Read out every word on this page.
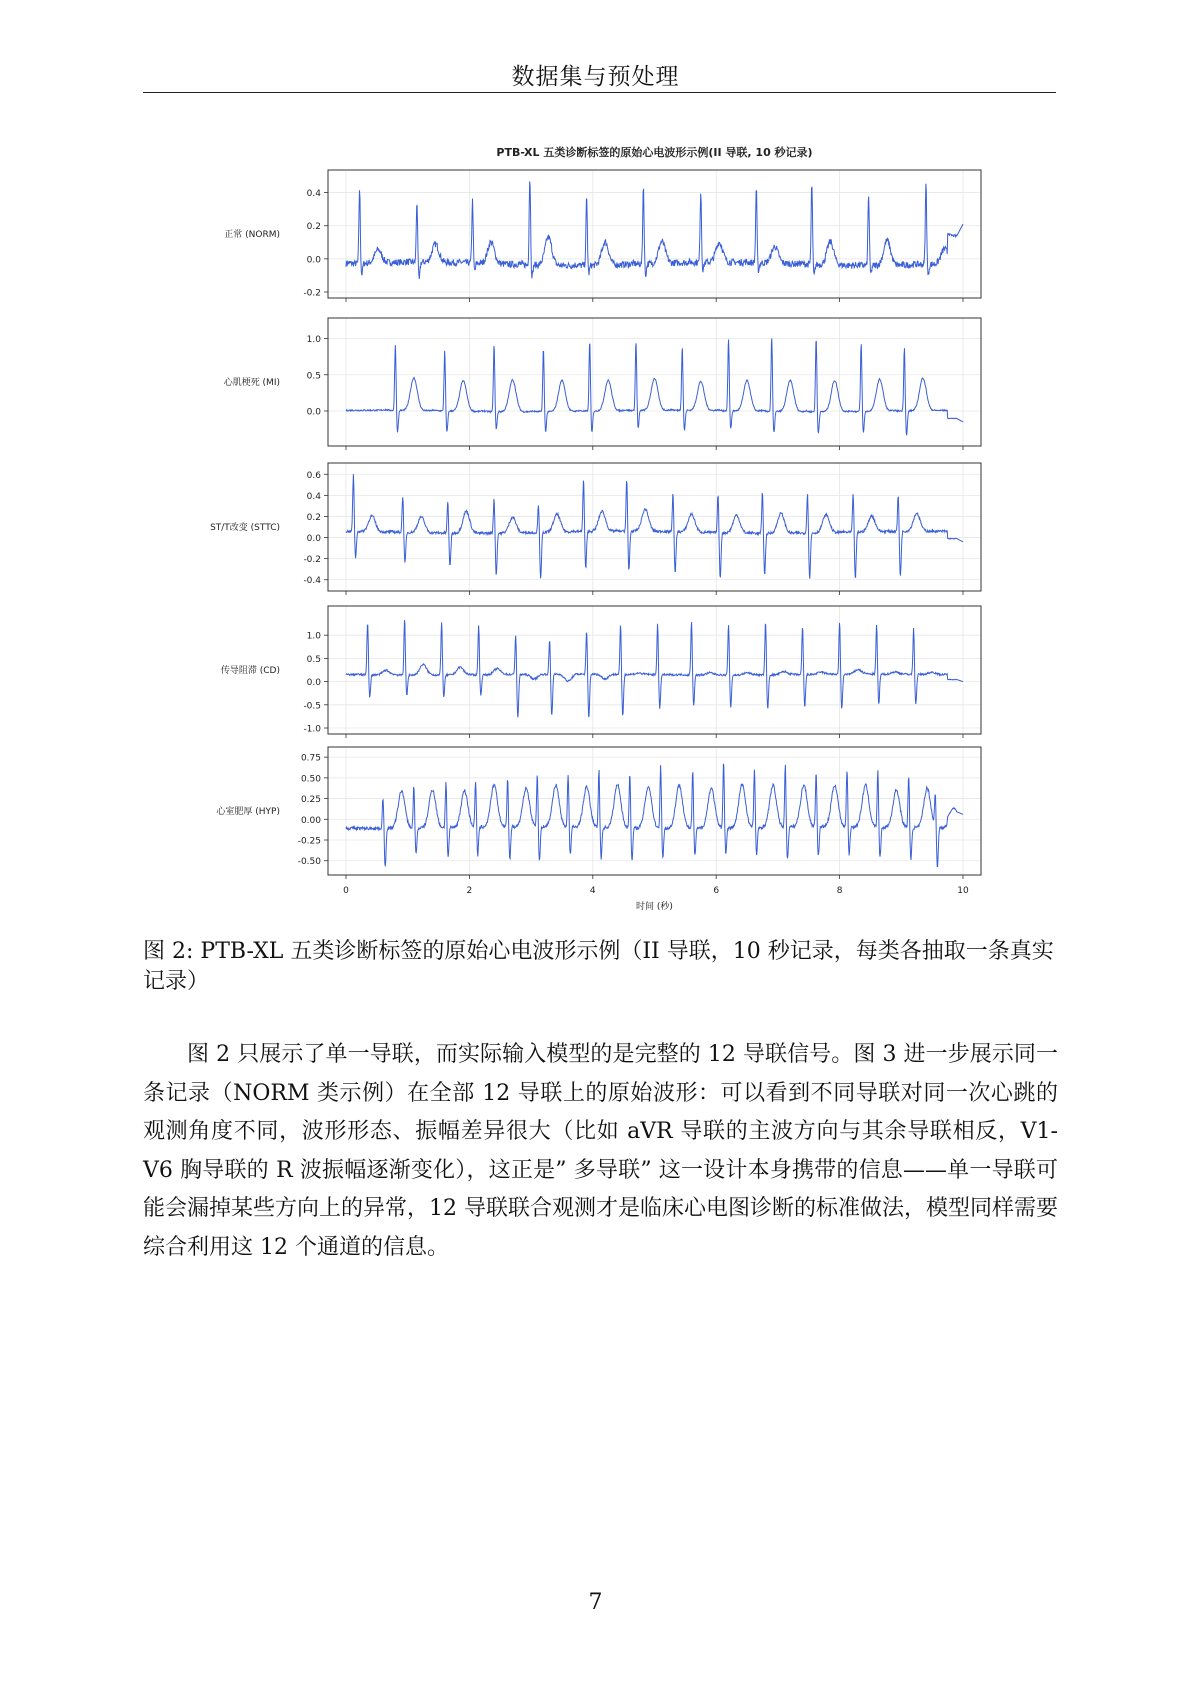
数据集与预处理
PTB-XL 五类诊断标签的原始心电波形示例(II 导联, 10 秒记录)
0.4
0.2
0.0
-0.2
正常 (NORM)
1.0
0.5
0.0
心肌梗死 (MI)
0.6
0.4
0.2
0.0
-0.2
-0.4
ST/T改变 (STTC)
1.0
0.5
0.0
-0.5
-1.0
传导阻滞 (CD)
0.75
0.50
0.25
0.00
-0.25
-0.50
心室肥厚 (HYP)
0	2	4	6	8	10
时间 (秒)
图 2: PTB-XL 五类诊断标签的原始心电波形示例（II 导联，10 秒记录，每类各抽取一条真实记录）
图 2 只展示了单一导联，而实际输入模型的是完整的 12 导联信号。图 3 进一步展示同一条记录（NORM 类示例）在全部 12 导联上的原始波形：可以看到不同导联对同一次心跳的观测角度不同，波形形态、振幅差异很大（比如 aVR 导联的主波方向与其余导联相反，V1-V6 胸导联的 R 波振幅逐渐变化），这正是” 多导联” 这一设计本身携带的信息——单一导联可能会漏掉某些方向上的异常，12 导联联合观测才是临床心电图诊断的标准做法，模型同样需要综合利用这 12 个通道的信息。
7
